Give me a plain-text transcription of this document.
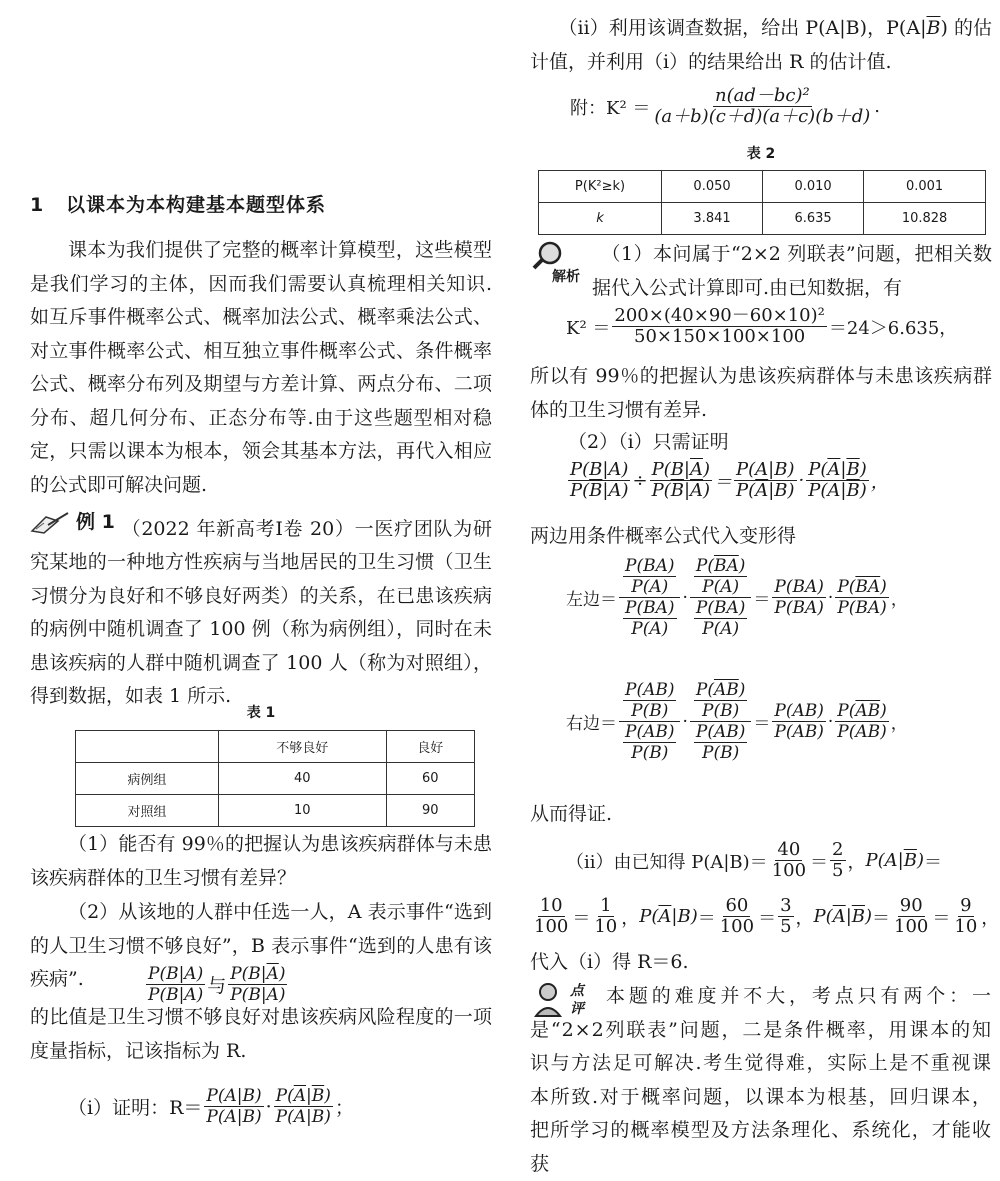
1 以课本为本构建基本题型体系

课本为我们提供了完整的概率计算模型，这些模型是我们学习的主体，因而我们需要认真梳理相关知识.如互斥事件概率公式、概率加法公式、概率乘法公式、对立事件概率公式、相互独立事件概率公式、条件概率公式、概率分布列及期望与方差计算、两点分布、二项分布、超几何分布、正态分布等.由于这些题型相对稳定，只需以课本为根本，领会其基本方法，再代入相应的公式即可解决问题.

例 1 （2022 年新高考Ⅰ卷 20）一医疗团队为研究某地的一种地方性疾病与当地居民的卫生习惯（卫生习惯分为良好和不够良好两类）的关系，在已患该疾病的病例中随机调查了 100 例（称为病例组），同时在未患该疾病的人群中随机调查了 100 人（称为对照组），得到数据，如表 1 所示.

表 1
	不够良好	良好
病例组	40	60
对照组	10	90

（1）能否有 99％的把握认为患该疾病群体与未患该疾病群体的卫生习惯有差异？

（2）从该地的人群中任选一人，A 表示事件“选到的人卫生习惯不够良好”，B 表示事件“选到的人患有该疾病”.	$\frac{P(B|A)}{P(\overline{B}|A)}$ 与 $\frac{P(B|\overline{A})}{P(\overline{B}|\overline{A})}$

的比值是卫生习惯不够良好对患该疾病风险程度的一项度量指标，记该指标为 R.

（ⅰ）证明：$R= \frac{P(A|B)}{P(\overline{A}|B)} \cdot \frac{P(\overline{A}|\overline{B})}{P(A|\overline{B})}$ ；

（ⅱ）利用该调查数据，给出 P(A|B)，$P(A|\overline{B})$ 的估计值，并利用（ⅰ）的结果给出 R 的估计值.

附：$K^2 = \frac{\text{n(ad－bc)²}}{(a+b)(c+d)(a+c)(b+d)}$ .
表 2
P(K²≥k)	0.050	0.010	0.001
k	3.841	6.635	10.828
解析

（1）本问属于“2×2 列联表”问题，把相关数据代入公式计算即可.由已知数据，有

$K^2 = \frac{\text{200×(40×90－60×10)²}}{50\times 150\times 100\times 100} =24>6.635$，

所以有 99％的把握认为患该疾病群体与未患该疾病群体的卫生习惯有差异.

（2）（ⅰ）只需证明

$\frac{P(B|A)}{P(\overline{B}|A)} \div \frac{P(B|\overline{A})}{P(\overline{B}|\overline{A})} = \frac{P(A|B)}{P(\overline{A}|B)} \cdot \frac{P(\overline{A}|\overline{B})}{P(A|\overline{B})}$ ，

两边用条件概率公式代入变形得

左边＝ $\frac{\frac{P(BA)}{P(A)}}{\frac{P(\overline{B}A)}{P(A)}} \cdot \frac{\frac{P(\overline{BA})}{P(\overline{A})}}{\frac{P(B\overline{A})}{P(\overline{A})}} = \frac{P(BA)}{P(\overline{B}A)} \cdot \frac{P(\overline{BA})}{P(B\overline{A})}$ ，
右边＝ $\frac{\frac{P(AB)}{P(B)}}{\frac{P(\overline{A}B)}{P(B)}} \cdot \frac{\frac{P(\overline{AB})}{P(\overline{B})}}{\frac{P(A\overline{B})}{P(\overline{B})}} = \frac{P(AB)}{P(\overline{A}B)} \cdot \frac{P(\overline{AB})}{P(A\overline{B})}$ ，

从而得证.

（ⅱ）由已知得 $P(A|B)= \frac{40}{100} = \frac{2}{5}$ ， $P(A|\overline{B})$ ＝
$\frac{10}{100} = \frac{1}{10}$ ， $P(\overline{A}|B) = \frac{60}{100} = \frac{3}{5}$ ， $P(\overline{A}|\overline{B}) = \frac{90}{100} = \frac{9}{10}$ ，

代入（ⅰ）得 R＝6.

点评

本题的难度并不大，考点只有两个：一是“2×2列联表”问题，二是条件概率，用课本的知识与方法足可解决.考生觉得难，实际上是不重视课本所致.对于概率问题，以课本为根基，回归课本，把所学习的概率模型及方法条理化、系统化，才能收获
